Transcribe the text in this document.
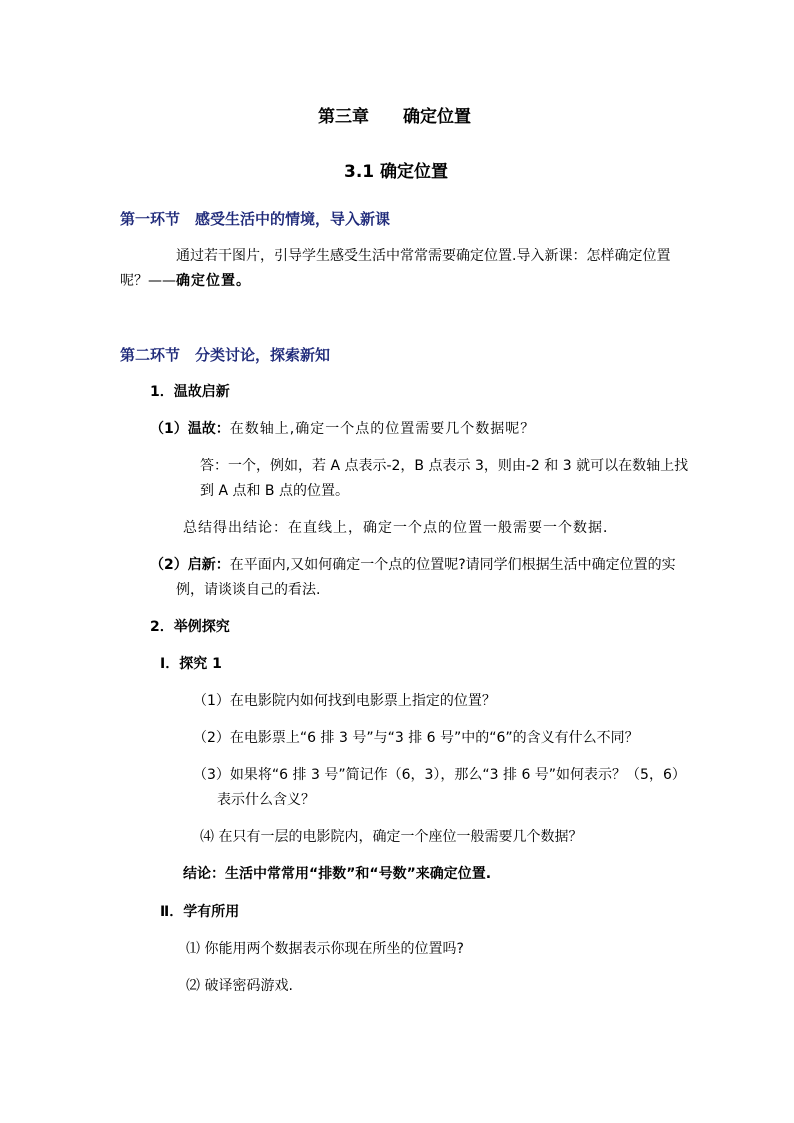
第三章　　确定位置
3.1 确定位置
第一环节　感受生活中的情境，导入新课
通过若干图片，引导学生感受生活中常常需要确定位置.导入新课：怎样确定位置
呢？——确定位置。
第二环节　分类讨论，探索新知
1．温故启新
（1）温故：在数轴上,确定一个点的位置需要几个数据呢？
答：一个，例如，若 A 点表示-2，B 点表示 3，则由-2 和 3 就可以在数轴上找
到 A 点和 B 点的位置。
总结得出结论：在直线上，确定一个点的位置一般需要一个数据．
（2）启新：在平面内,又如何确定一个点的位置呢?请同学们根据生活中确定位置的实
例，请谈谈自己的看法.
2．举例探究
Ⅰ．探究 1
（1）在电影院内如何找到电影票上指定的位置？
（2）在电影票上“6 排 3 号”与“3 排 6 号”中的“6”的含义有什么不同？
（3）如果将“6 排 3 号”简记作（6，3），那么“3 排 6 号”如何表示？（5，6）
表示什么含义？
⑷ 在只有一层的电影院内，确定一个座位一般需要几个数据？
结论：生活中常常用“排数”和“号数”来确定位置.
Ⅱ．学有所用
⑴ 你能用两个数据表示你现在所坐的位置吗?
⑵ 破译密码游戏.
